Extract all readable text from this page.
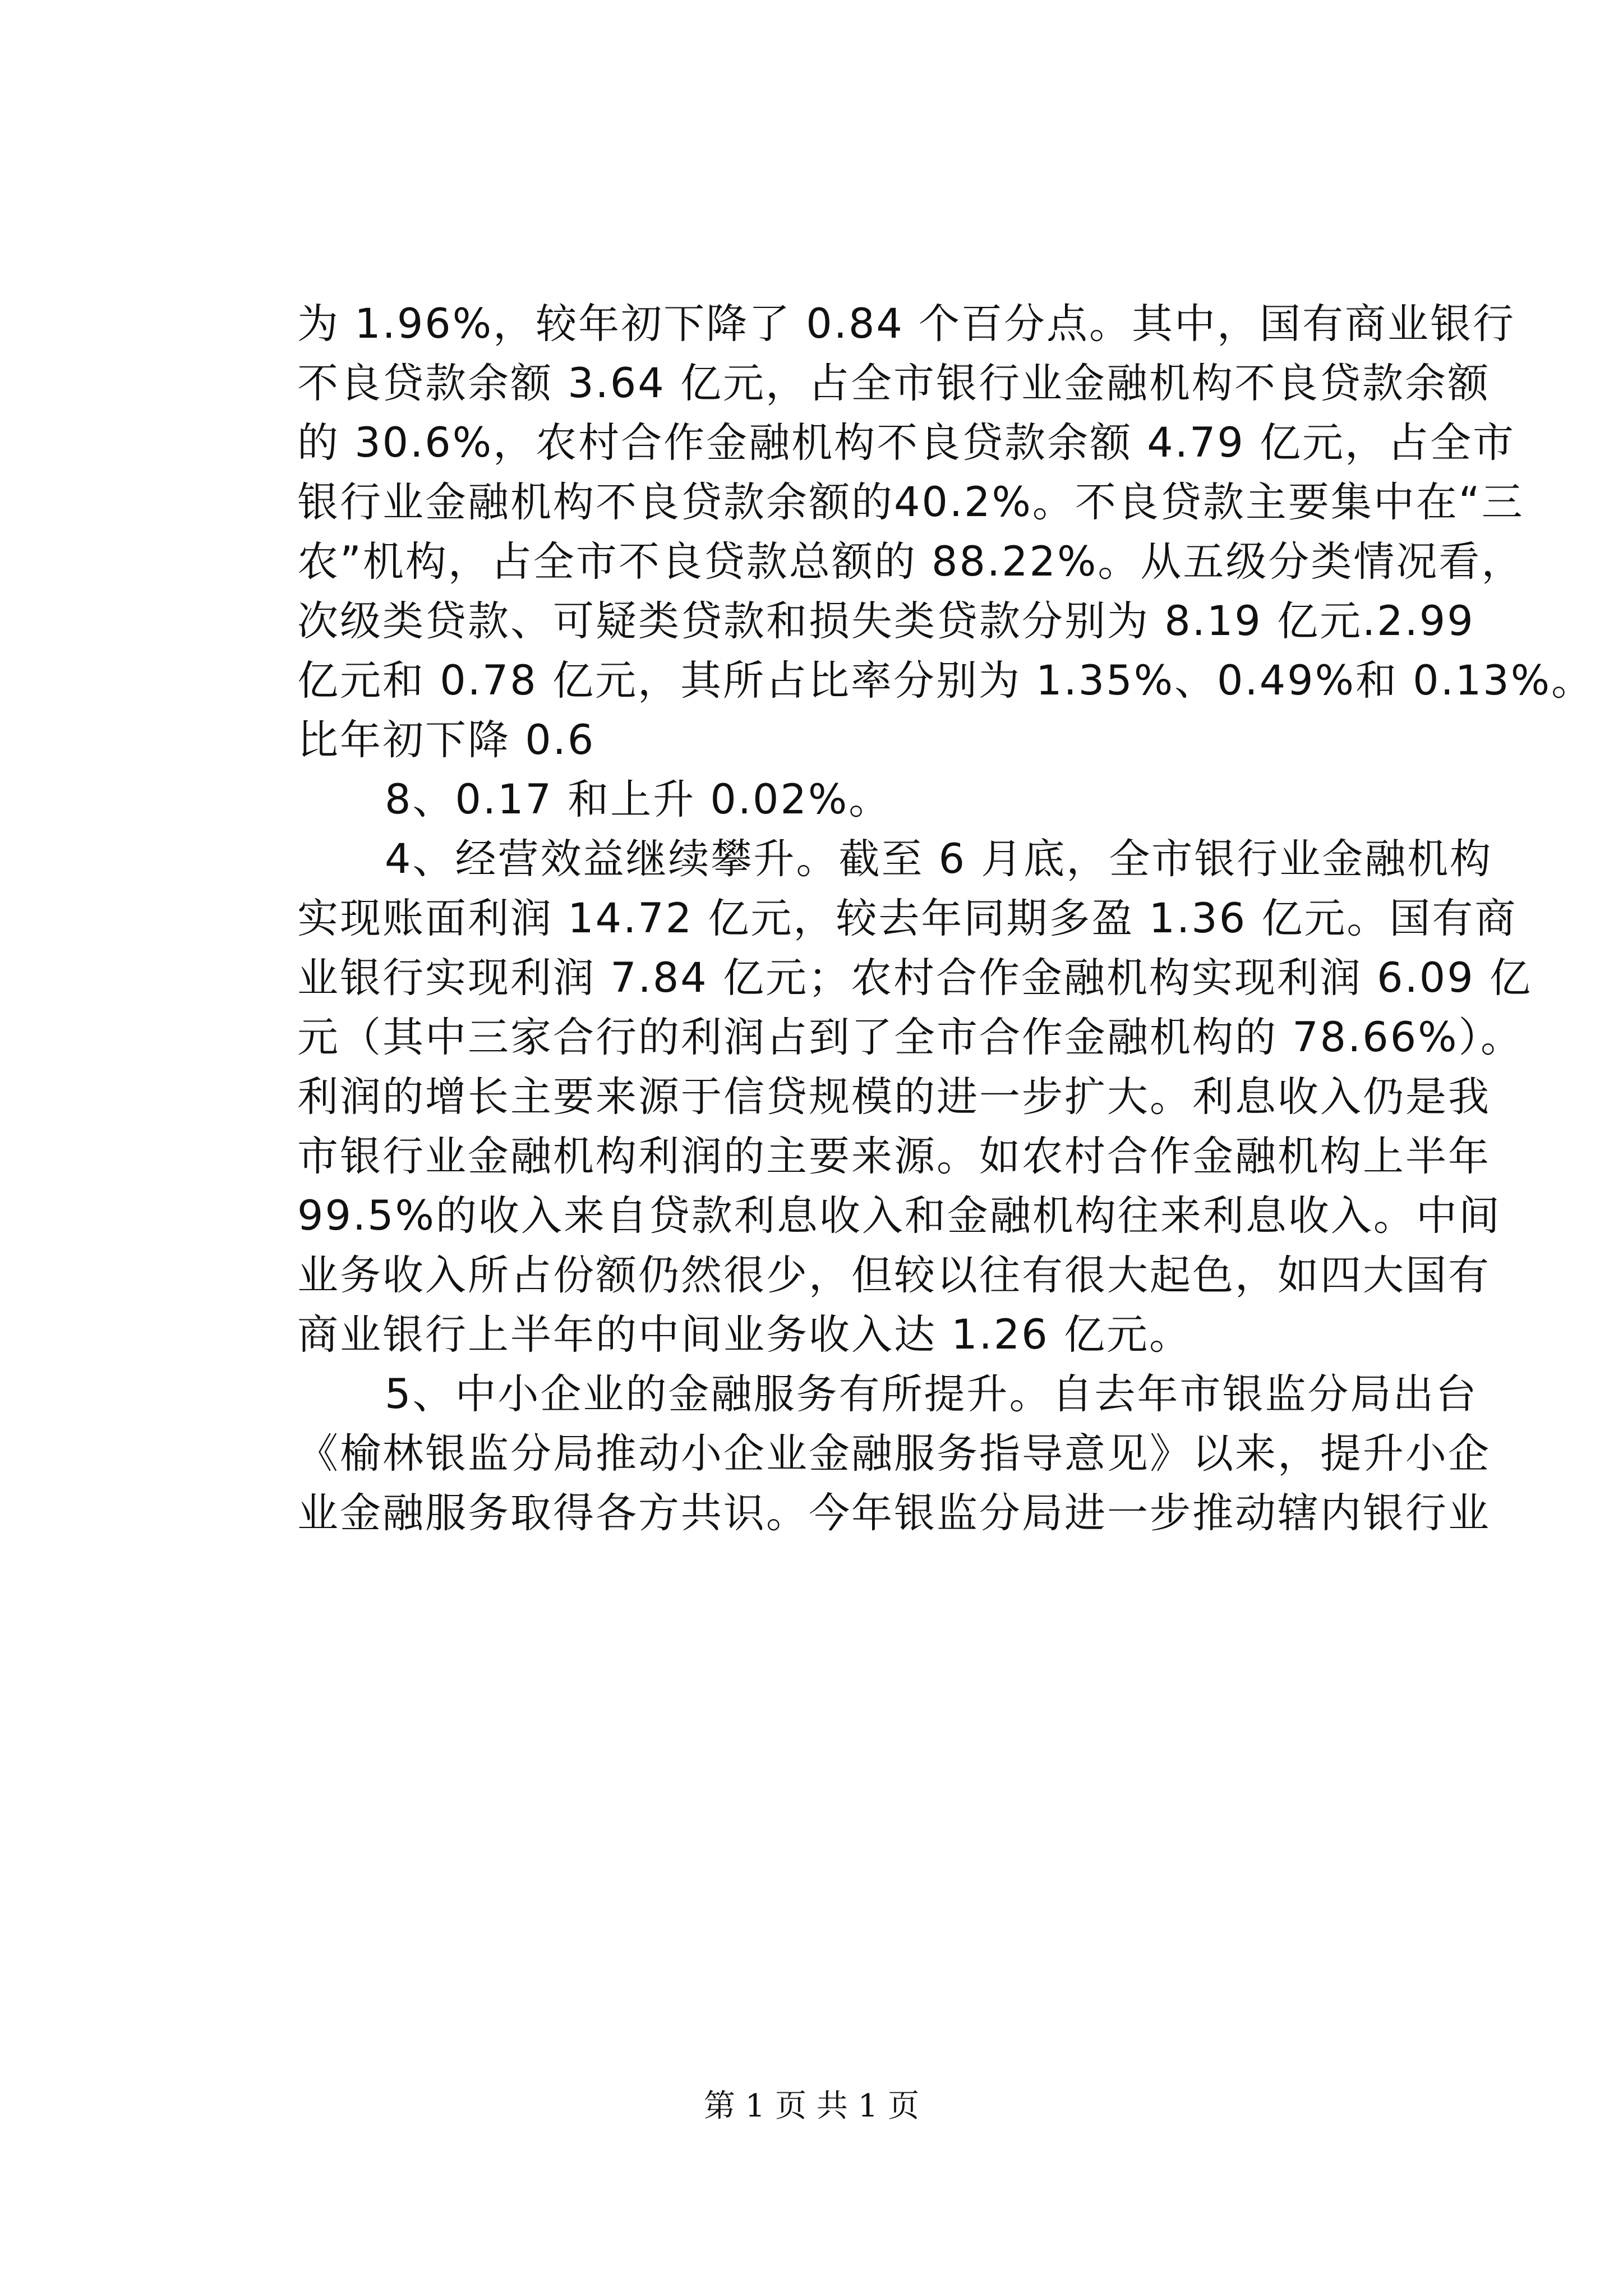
为 1.96%，较年初下降了 0.84 个百分点。其中，国有商业银行
不良贷款余额 3.64 亿元，占全市银行业金融机构不良贷款余额
的 30.6%，农村合作金融机构不良贷款余额 4.79 亿元，占全市
银行业金融机构不良贷款余额的40.2%。不良贷款主要集中在“三
农”机构，占全市不良贷款总额的 88.22%。从五级分类情况看，
次级类贷款、可疑类贷款和损失类贷款分别为 8.19 亿元.2.99
亿元和 0.78 亿元，其所占比率分别为 1.35%、0.49%和 0.13%。
比年初下降 0.6
8、0.17 和上升 0.02%。
4、经营效益继续攀升。截至 6 月底，全市银行业金融机构
实现账面利润 14.72 亿元，较去年同期多盈 1.36 亿元。国有商
业银行实现利润 7.84 亿元；农村合作金融机构实现利润 6.09 亿
元（其中三家合行的利润占到了全市合作金融机构的 78.66%）。
利润的增长主要来源于信贷规模的进一步扩大。利息收入仍是我
市银行业金融机构利润的主要来源。如农村合作金融机构上半年
99.5%的收入来自贷款利息收入和金融机构往来利息收入。中间
业务收入所占份额仍然很少，但较以往有很大起色，如四大国有
商业银行上半年的中间业务收入达 1.26 亿元。
5、中小企业的金融服务有所提升。自去年市银监分局出台
《榆林银监分局推动小企业金融服务指导意见》以来，提升小企
业金融服务取得各方共识。今年银监分局进一步推动辖内银行业
第 1 页 共 1 页
